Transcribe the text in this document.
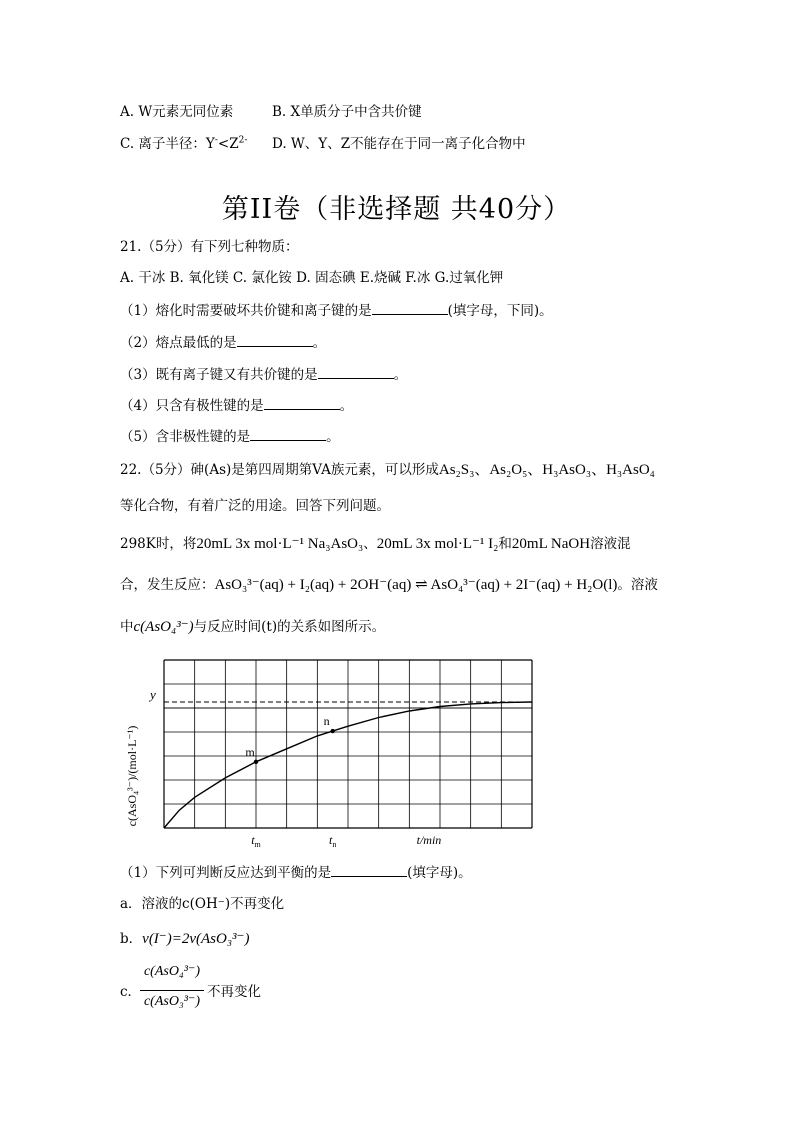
A. W元素无同位素	B. X单质分子中含共价键
C. 离子半径：$Y^-<Z^{2-}$ D. W、Y、Z不能存在于同一离子化合物中
第II卷（非选择题 共40分）
21.（5分）有下列七种物质：
A. 干冰 B. 氧化镁 C. 氯化铵 D. 固态碘 E.烧碱 F.冰 G.过氧化钾
（1）熔化时需要破坏共价键和离子键的是	(填字母，下同)。
（2）熔点最低的是	。
（3）既有离子键又有共价键的是	。
（4）只含有极性键的是	。
（5）含非极性键的是	。
22.（5分）砷(As)是第四周期第VA族元素，可以形成As₂S₃、As₂O₅、H₃AsO₃、H₃AsO₄
等化合物，有着广泛的用途。回答下列问题。
298K时，将20mL 3x mol·L⁻¹ Na₃AsO₃、20mL 3x mol·L⁻¹ I₂和20mL NaOH溶液混
合，发生反应：AsO₃³⁻(aq) + I₂(aq) + 2OH⁻(aq) ⇌ AsO₄³⁻(aq) + 2I⁻(aq) + H₂O(l)。溶液
中c(AsO₄³⁻)与反应时间(t)的关系如图所示。
m
n
c(AsO₄³⁻)/(mol·L⁻¹)
y
$t_m$	$t_n$	t/min
（1）下列可判断反应达到平衡的是	(填字母)。
a．溶液的c(OH⁻)不再变化
b．v(I⁻)=2v(AsO₃³⁻)
c．
c(AsO₄³⁻)
c(AsO₃³⁻)
不再变化
